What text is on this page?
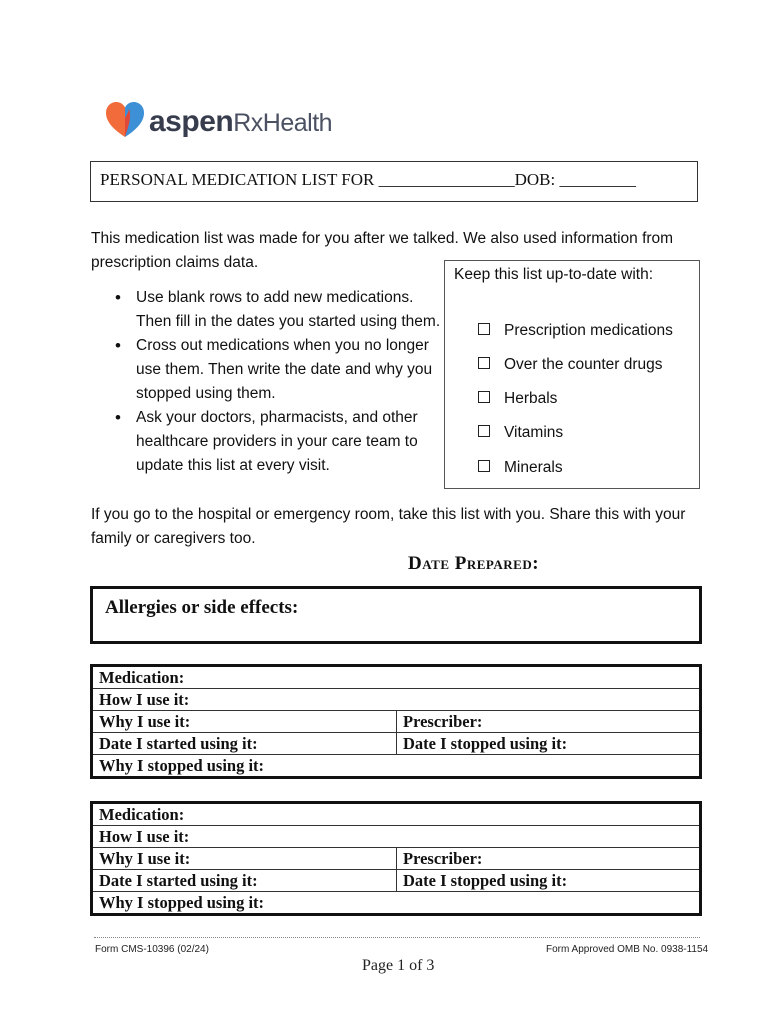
aspenRxHealth
PERSONAL MEDICATION LIST FOR ________________DOB: _________
This medication list was made for you after we talked. We also used information from prescription claims data.
• Use blank rows to add new medications. Then fill in the dates you started using them.
• Cross out medications when you no longer use them. Then write the date and why you stopped using them.
• Ask your doctors, pharmacists, and other healthcare providers in your care team to update this list at every visit.
Keep this list up-to-date with:
Prescription medications
Over the counter drugs
Herbals
Vitamins
Minerals
If you go to the hospital or emergency room, take this list with you. Share this with your family or caregivers too.
Date Prepared:
Allergies or side effects:
Medication:	
How I use it:	
Why I use it:	Prescriber:
Date I started using it:	Date I stopped using it:
Why I stopped using it:	
Medication:	
How I use it:	
Why I use it:	Prescriber:
Date I started using it:	Date I stopped using it:
Why I stopped using it:	
Form CMS-10396 (02/24)	Form Approved OMB No. 0938-1154
Page 1 of 3
